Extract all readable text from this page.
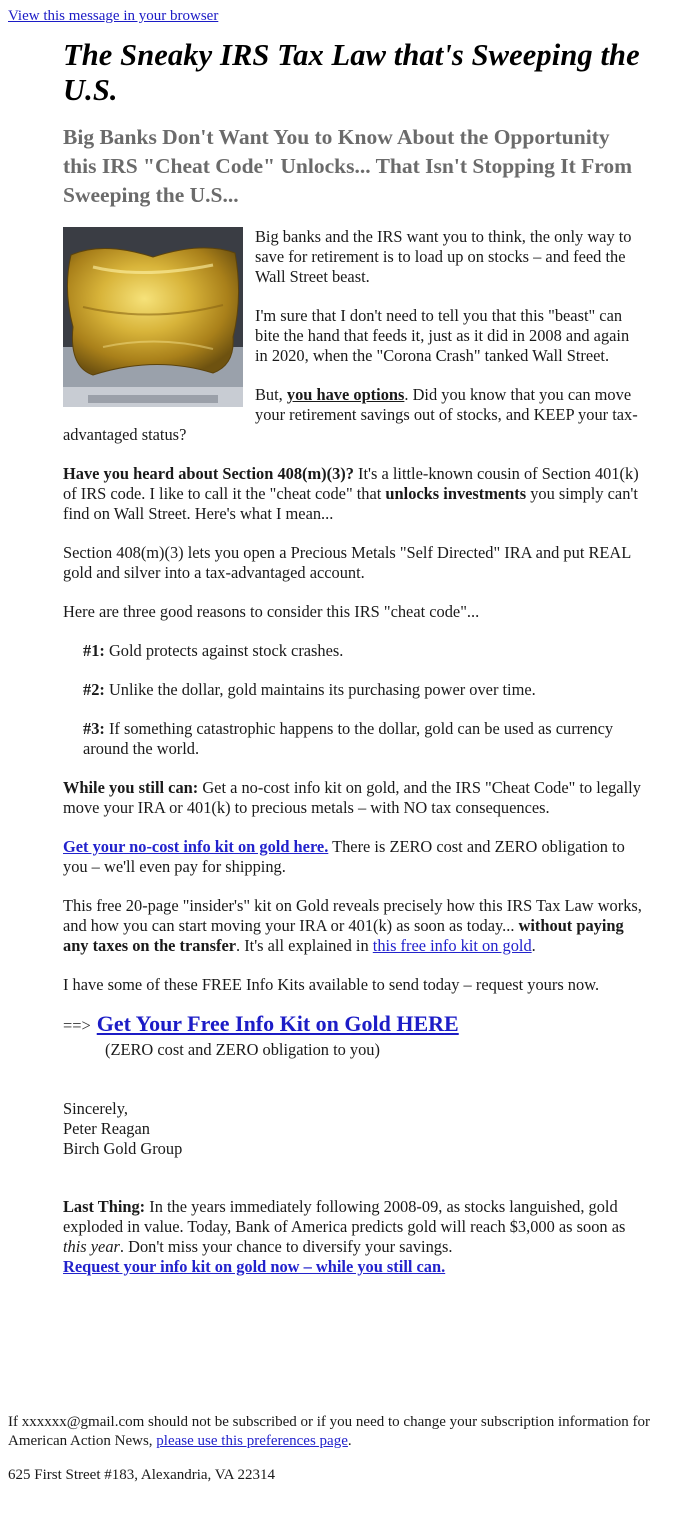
View this message in your browser
The Sneaky IRS Tax Law that's Sweeping the U.S.
Big Banks Don't Want You to Know About the Opportunity this IRS "Cheat Code" Unlocks... That Isn't Stopping It From Sweeping the U.S...

Big banks and the IRS want you to think, the only way to save for retirement is to load up on stocks – and feed the Wall Street beast.

I'm sure that I don't need to tell you that this "beast" can bite the hand that feeds it, just as it did in 2008 and again in 2020, when the "Corona Crash" tanked Wall Street.

But, you have options. Did you know that you can move your retirement savings out of stocks, and KEEP your tax-advantaged status?

Have you heard about Section 408(m)(3)? It's a little-known cousin of Section 401(k) of IRS code. I like to call it the "cheat code" that unlocks investments you simply can't find on Wall Street. Here's what I mean...

Section 408(m)(3) lets you open a Precious Metals "Self Directed" IRA and put REAL gold and silver into a tax-advantaged account.

Here are three good reasons to consider this IRS "cheat code"...

#1: Gold protects against stock crashes.

#2: Unlike the dollar, gold maintains its purchasing power over time.

#3: If something catastrophic happens to the dollar, gold can be used as currency around the world.

While you still can: Get a no-cost info kit on gold, and the IRS "Cheat Code" to legally move your IRA or 401(k) to precious metals – with NO tax consequences.

Get your no-cost info kit on gold here. There is ZERO cost and ZERO obligation to you – we'll even pay for shipping.

This free 20-page "insider's" kit on Gold reveals precisely how this IRS Tax Law works, and how you can start moving your IRA or 401(k) as soon as today... without paying any taxes on the transfer. It's all explained in this free info kit on gold.

I have some of these FREE Info Kits available to send today – request yours now.

==> Get Your Free Info Kit on Gold HERE
(ZERO cost and ZERO obligation to you)
Sincerely,
Peter Reagan
Birch Gold Group
Last Thing: In the years immediately following 2008-09, as stocks languished, gold exploded in value. Today, Bank of America predicts gold will reach $3,000 as soon as this year. Don't miss your chance to diversify your savings.
Request your info kit on gold now – while you still can.
If xxxxxx@gmail.com should not be subscribed or if you need to change your subscription information for American Action News, please use this preferences page.
625 First Street #183, Alexandria, VA 22314
